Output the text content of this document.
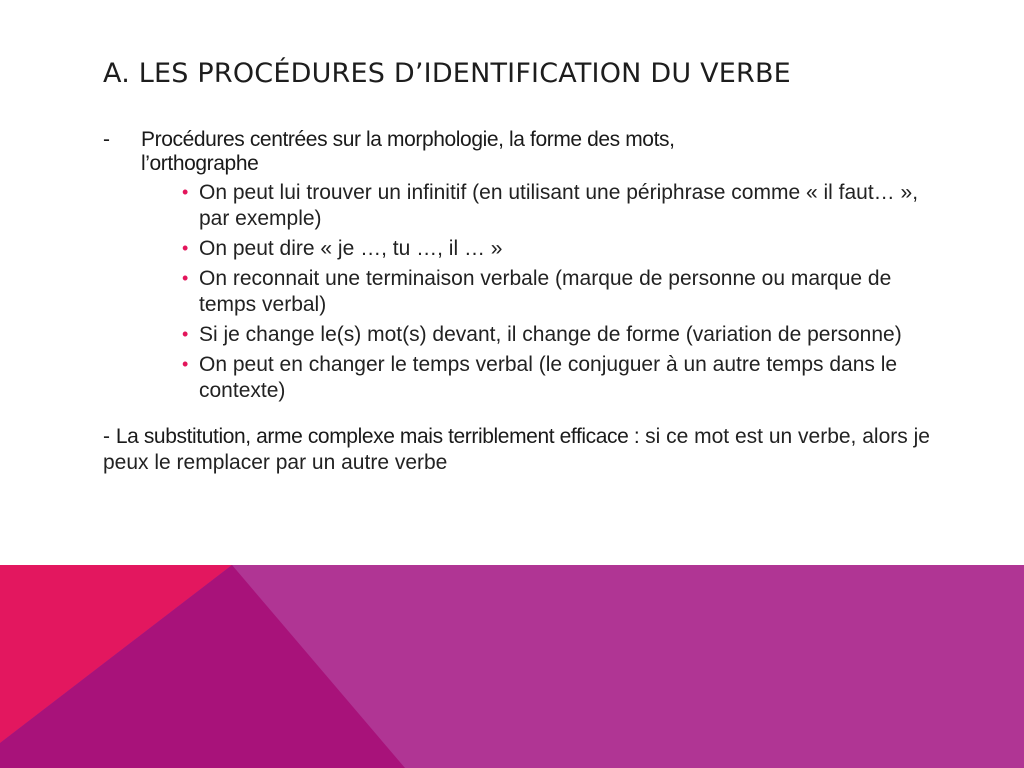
A. LES PROCÉDURES D’IDENTIFICATION DU VERBE
- Procédures centrées sur la morphologie, la forme des mots,
l’orthographe
• On peut lui trouver un infinitif (en utilisant une périphrase comme « il faut… », par exemple)
• On peut dire « je …, tu …, il … »
• On reconnait une terminaison verbale (marque de personne ou marque de temps verbal)
• Si je change le(s) mot(s) devant, il change de forme (variation de personne)
• On peut en changer le temps verbal (le conjuguer à un autre temps dans le contexte)
- La substitution, arme complexe mais terriblement efficace : si ce mot est un verbe, alors je peux le remplacer par un autre verbe
